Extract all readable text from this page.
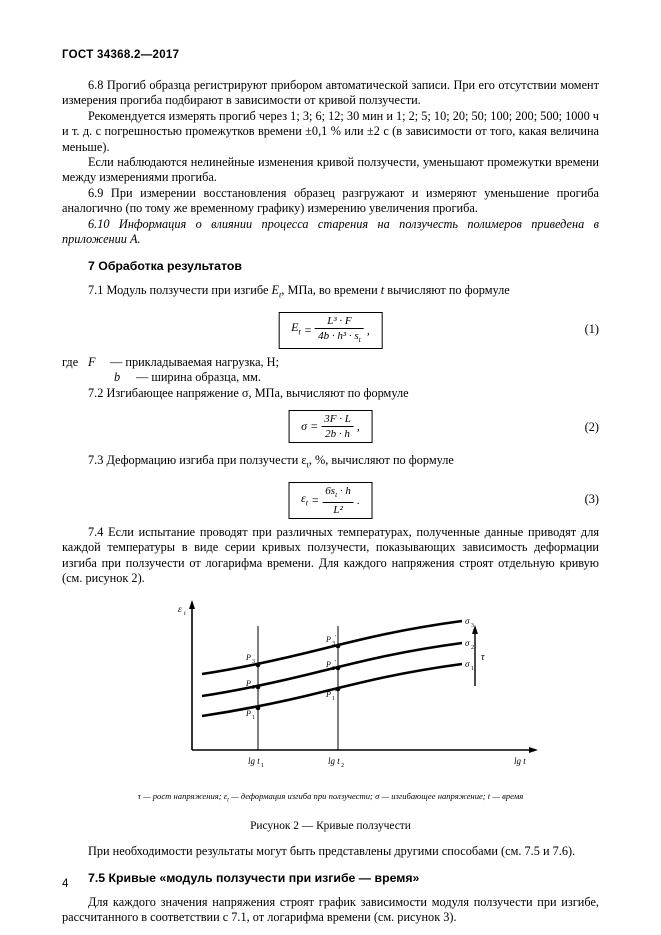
ГОСТ 34368.2—2017

6.8 Прогиб образца регистрируют прибором автоматической записи. При его отсутствии момент измерения прогиба подбирают в зависимости от кривой ползучести.

Рекомендуется измерять прогиб через 1; 3; 6; 12; 30 мин и 1; 2; 5; 10; 20; 50; 100; 200; 500; 1000 ч и т. д. с погрешностью промежутков времени ±0,1 % или ±2 с (в зависимости от того, какая величина меньше).

Если наблюдаются нелинейные изменения кривой ползучести, уменьшают промежутки времени между измерениями прогиба.

6.9 При измерении восстановления образец разгружают и измеряют уменьшение прогиба аналогично (по тому же временному графику) измерению увеличения прогиба.

6.10 Информация о влиянии процесса старения на ползучесть полимеров приведена в приложении А.

7 Обработка результатов

7.1 Модуль ползучести при изгибе $E_t$, МПа, во времени t вычисляют по формуле

$E_t = \frac{\text{L³ · F}}{4b \cdot h^3 \cdot s_t}$ ,	(1)
где F — прикладываемая нагрузка, Н;
b — ширина образца, мм.

7.2 Изгибающее напряжение σ, МПа, вычисляют по формуле

$\sigma = \frac{3F \cdot L}{2b \cdot h}$ ,	(2)

7.3 Деформацию изгиба при ползучести $\varepsilon_t$, %, вычисляют по формуле

$\varepsilon_t = \frac{6s_t \cdot h}{\text{L²}}$ .	(3)

7.4 Если испытание проводят при различных температурах, полученные данные приводят для каждой температуры в виде серии кривых ползучести, показывающих зависимость деформации изгиба при ползучести от логарифма времени. Для каждого напряжения строят отдельную кривую (см. рисунок 2).

ε t
σ 3
σ 2
σ 1
τ
P 3
P 2
P 1
P 3
'
P 2
'
P 1
'
lg t 1	lg t 2	lg t
τ — рост напряжения; $\varepsilon_t$ — деформация изгиба при ползучести; σ — изгибающее напряжение; t — время
Рисунок 2 — Кривые ползучести

При необходимости результаты могут быть представлены другими способами (см. 7.5 и 7.6).

7.5 Кривые «модуль ползучести при изгибе — время»

Для каждого значения напряжения строят график зависимости модуля ползучести при изгибе, рассчитанного в соответствии с 7.1, от логарифма времени (см. рисунок 3).

4
